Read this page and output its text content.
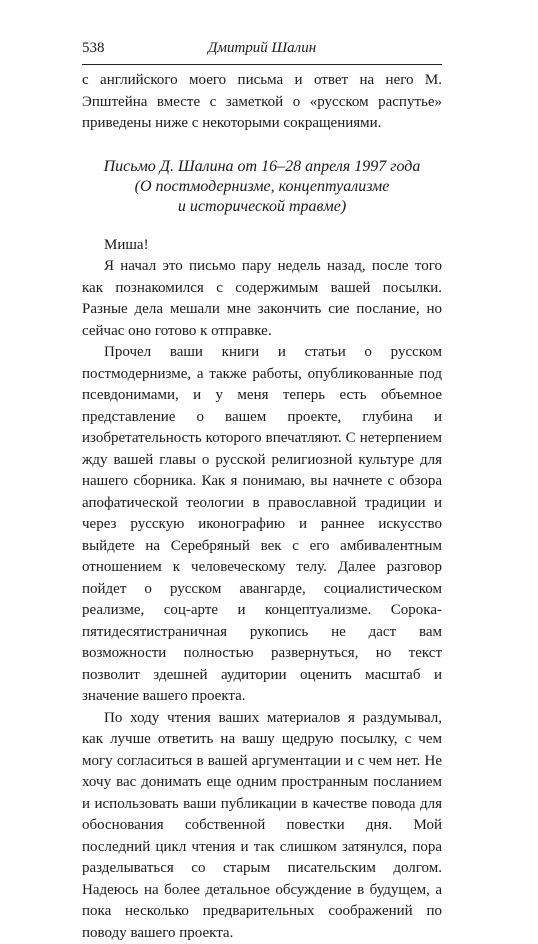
538	Дмитрий Шалин

с английского моего письма и ответ на него М. Эпштейна вместе с заметкой о «русском распутье» приведены ниже с некоторыми сокращениями.

Письмо Д. Шалина от 16–28 апреля 1997 года
(О постмодернизме, концептуализме
и исторической травме)

Миша!

Я начал это письмо пару недель назад, после того как познакомился с содержимым вашей посылки. Разные дела мешали мне закончить сие послание, но сейчас оно готово к отправке.

Прочел ваши книги и статьи о русском постмодернизме, а также работы, опубликованные под псевдонимами, и у меня теперь есть объемное представление о вашем проекте, глубина и изобретательность которого впечатляют. С нетерпением жду вашей главы о русской религиозной культуре для нашего сборника. Как я понимаю, вы начнете с обзора апофатической теологии в православной традиции и через русскую иконографию и раннее искусство выйдете на Серебряный век с его амбивалентным отношением к человеческому телу. Далее разговор пойдет о русском авангарде, социалистическом реализме, соц-арте и концептуализме. Сорока- пятидесятистраничная рукопись не даст вам возможности полностью развернуться, но текст позволит здешней аудитории оценить масштаб и значение вашего проекта.

По ходу чтения ваших материалов я раздумывал, как лучше ответить на вашу щедрую посылку, с чем могу согласиться в вашей аргументации и с чем нет. Не хочу вас донимать еще одним пространным посланием и использовать ваши публикации в качестве повода для обоснования собственной повестки дня. Мой последний цикл чтения и так слишком затянулся, пора разделываться со старым писательским долгом. Надеюсь на более детальное обсуждение в будущем, а пока несколько предварительных соображений по поводу вашего проекта.
